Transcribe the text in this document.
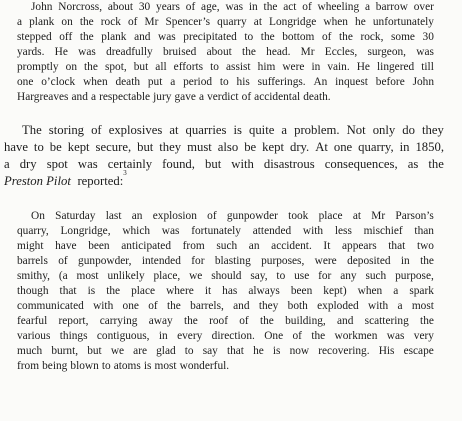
John Norcross, about 30 years of age, was in the act of wheeling a barrow over
a plank on the rock of Mr Spencer’s quarry at Longridge when he unfortunately
stepped off the plank and was precipitated to the bottom of the rock, some 30
yards. He was dreadfully bruised about the head. Mr Eccles, surgeon, was
promptly on the spot, but all efforts to assist him were in vain. He lingered till
one o’clock when death put a period to his sufferings. An inquest before John
Hargreaves and a respectable jury gave a verdict of accidental death.
The storing of explosives at quarries is quite a problem. Not only do they
have to be kept secure, but they must also be kept dry. At one quarry, in 1850,
a dry spot was certainly found, but with disastrous consequences, as the
Preston Pilot reported:
3
On Saturday last an explosion of gunpowder took place at Mr Parson’s
quarry, Longridge, which was fortunately attended with less mischief than
might have been anticipated from such an accident. It appears that two
barrels of gunpowder, intended for blasting purposes, were deposited in the
smithy, (a most unlikely place, we should say, to use for any such purpose,
though that is the place where it has always been kept) when a spark
communicated with one of the barrels, and they both exploded with a most
fearful report, carrying away the roof of the building, and scattering the
various things contiguous, in every direction. One of the workmen was very
much burnt, but we are glad to say that he is now recovering. His escape
from being blown to atoms is most wonderful.
